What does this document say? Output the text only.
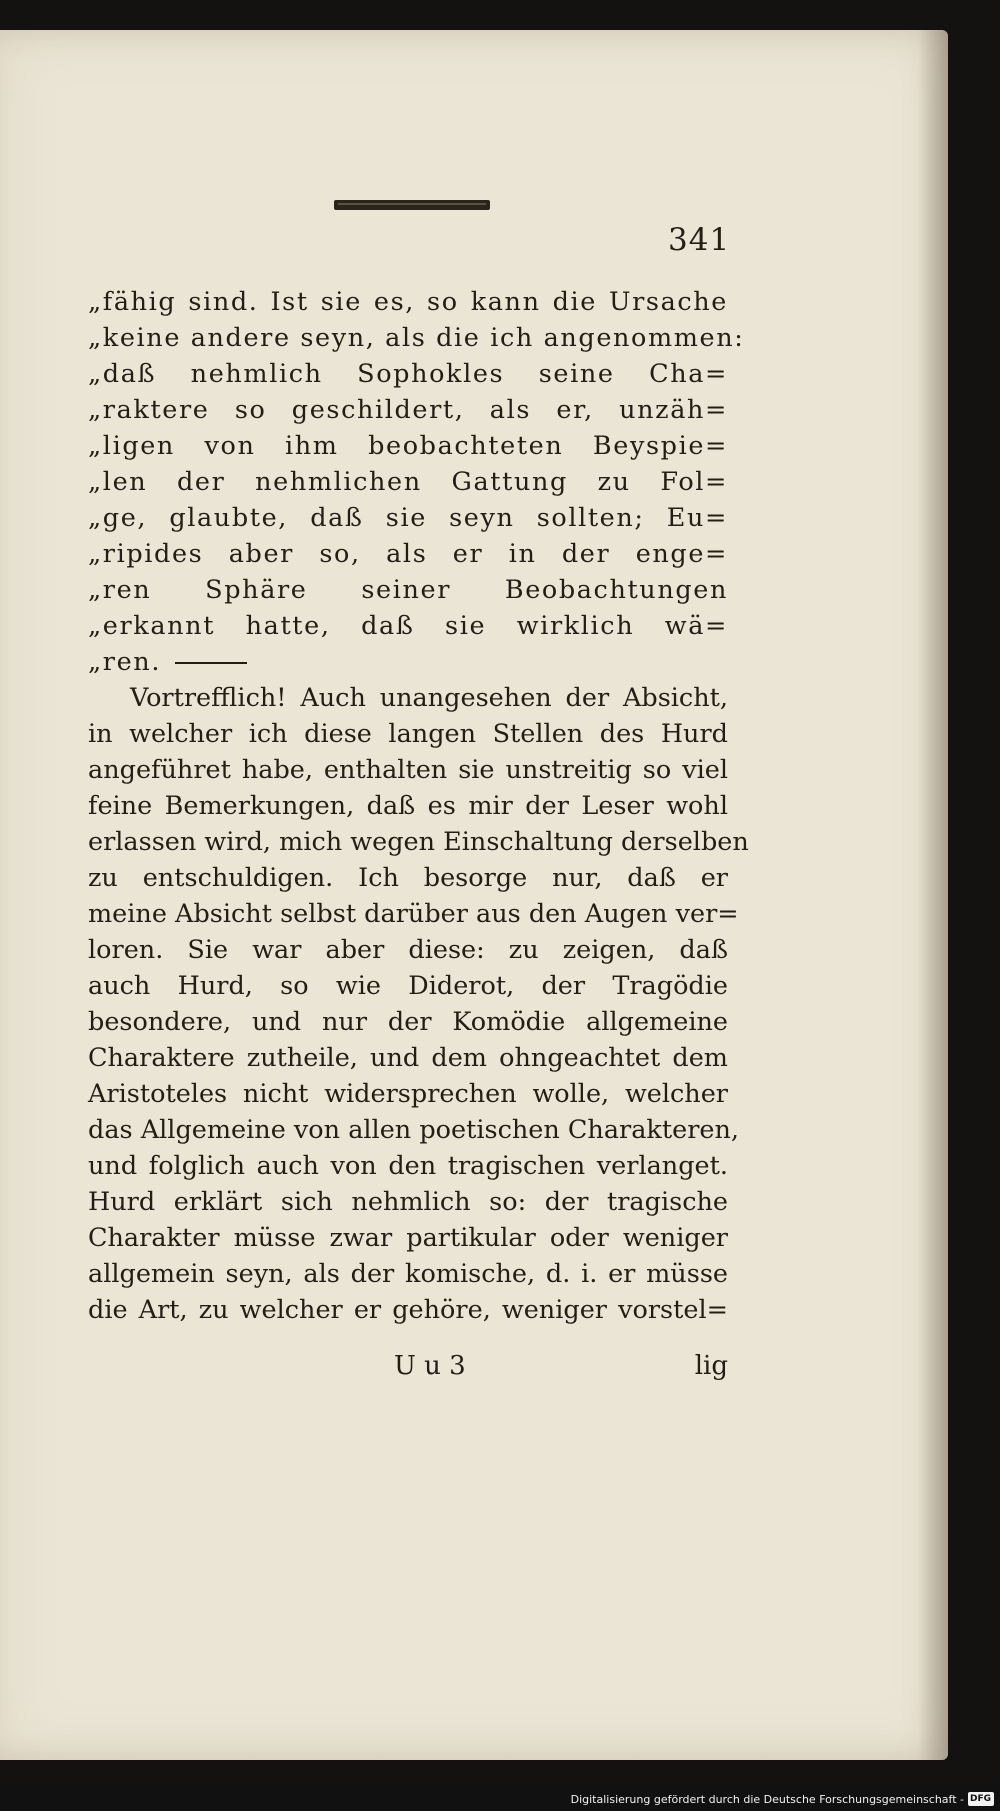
341
„fähig sind. Ist sie es, so kann die Ursache
„keine andere seyn, als die ich angenommen:
„daß nehmlich Sophokles seine Cha=
„raktere so geschildert, als er, unzäh=
„ligen von ihm beobachteten Beyspie=
„len der nehmlichen Gattung zu Fol=
„ge, glaubte, daß sie seyn sollten; Eu=
„ripides aber so, als er in der enge=
„ren Sphäre seiner Beobachtungen
„erkannt hatte, daß sie wirklich wä=
„ren.
Vortrefflich! Auch unangesehen der Absicht,
in welcher ich diese langen Stellen des Hurd
angeführet habe, enthalten sie unstreitig so viel
feine Bemerkungen, daß es mir der Leser wohl
erlassen wird, mich wegen Einschaltung derselben
zu entschuldigen. Ich besorge nur, daß er
meine Absicht selbst darüber aus den Augen ver=
loren. Sie war aber diese: zu zeigen, daß
auch Hurd, so wie Diderot, der Tragödie
besondere, und nur der Komödie allgemeine
Charaktere zutheile, und dem ohngeachtet dem
Aristoteles nicht widersprechen wolle, welcher
das Allgemeine von allen poetischen Charakteren,
und folglich auch von den tragischen verlanget.
Hurd erklärt sich nehmlich so: der tragische
Charakter müsse zwar partikular oder weniger
allgemein seyn, als der komische, d. i. er müsse
die Art, zu welcher er gehöre, weniger vorstel=
U u 3	lig
Digitalisierung gefördert durch die Deutsche Forschungsgemeinschaft - DFG
